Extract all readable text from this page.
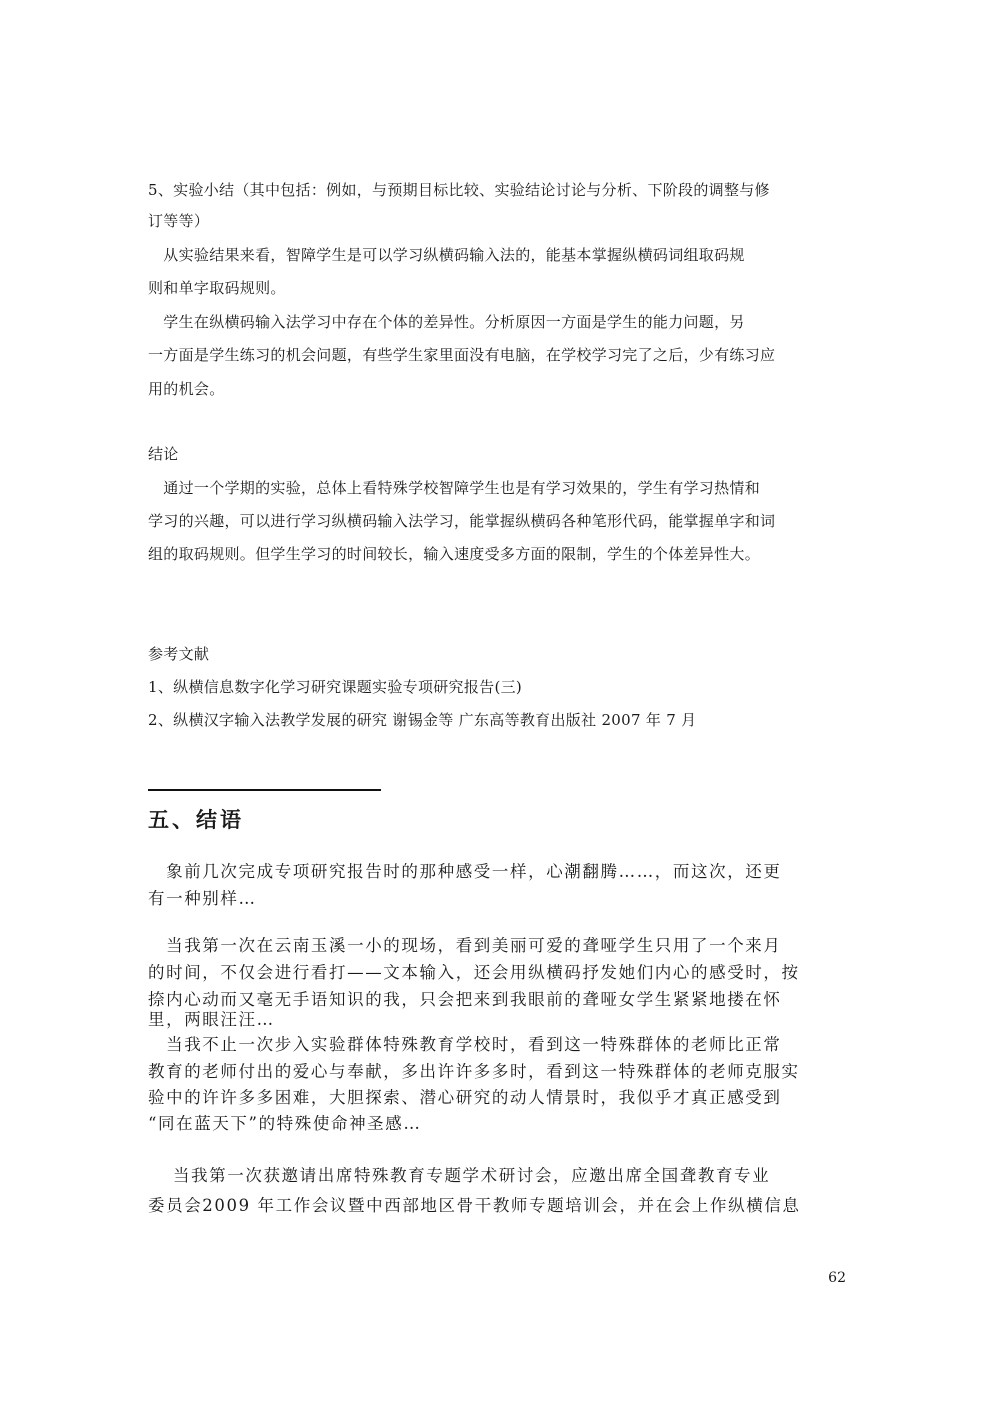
5、实验小结（其中包括：例如，与预期目标比较、实验结论讨论与分析、下阶段的调整与修

订等等）

　从实验结果来看，智障学生是可以学习纵横码输入法的，能基本掌握纵横码词组取码规

则和单字取码规则。

　学生在纵横码输入法学习中存在个体的差异性。分析原因一方面是学生的能力问题，另

一方面是学生练习的机会问题，有些学生家里面没有电脑，在学校学习完了之后，少有练习应

用的机会。

结论

　通过一个学期的实验，总体上看特殊学校智障学生也是有学习效果的，学生有学习热情和

学习的兴趣，可以进行学习纵横码输入法学习，能掌握纵横码各种笔形代码，能掌握单字和词

组的取码规则。但学生学习的时间较长，输入速度受多方面的限制，学生的个体差异性大。

参考文献

1、纵横信息数字化学习研究课题实验专项研究报告(三)

2、纵横汉字输入法教学发展的研究 谢锡金等 广东高等教育出版社 2007 年 7 月

五、结语

　象前几次完成专项研究报告时的那种感受一样，心潮翻腾……，而这次，还更

有一种别样…

　当我第一次在云南玉溪一小的现场，看到美丽可爱的聋哑学生只用了一个来月

的时间，不仅会进行看打——文本输入，还会用纵横码抒发她们内心的感受时，按

捺内心动而又毫无手语知识的我，只会把来到我眼前的聋哑女学生紧紧地搂在怀

里，两眼汪汪…

　当我不止一次步入实验群体特殊教育学校时，看到这一特殊群体的老师比正常

教育的老师付出的爱心与奉献，多出许许多多时，看到这一特殊群体的老师克服实

验中的许许多多困难，大胆探索、潜心研究的动人情景时，我似乎才真正感受到

“同在蓝天下”的特殊使命神圣感…

　 当我第一次获邀请出席特殊教育专题学术研讨会，应邀出席全国聋教育专业

委员会2009 年工作会议暨中西部地区骨干教师专题培训会，并在会上作纵横信息

62
